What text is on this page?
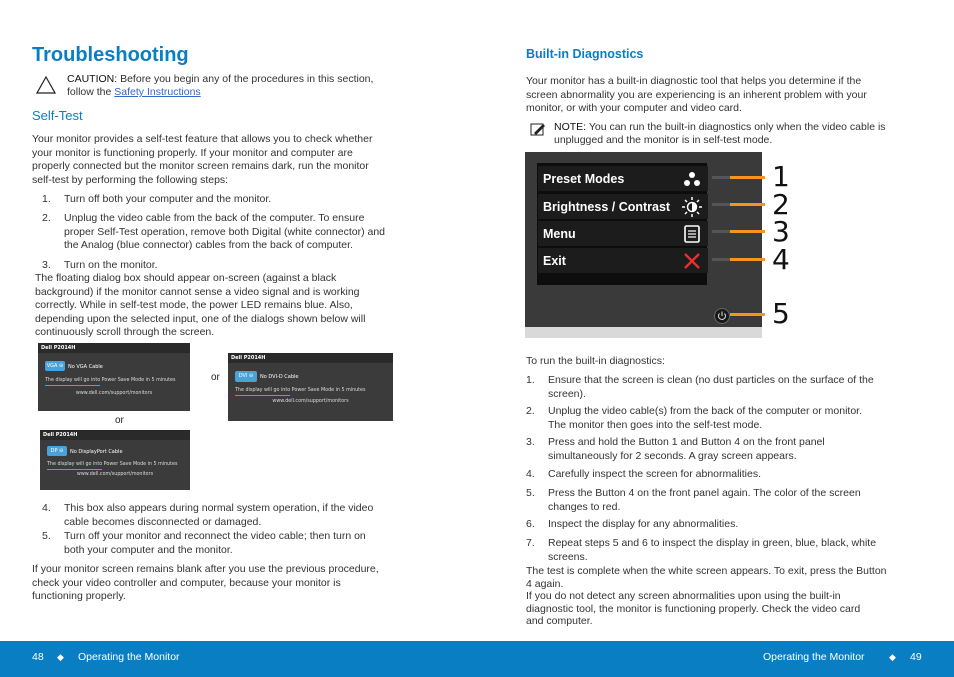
Troubleshooting
CAUTION: Before you begin any of the procedures in this section,
follow the Safety Instructions
Self-Test
Your monitor provides a self-test feature that allows you to check whether
your monitor is functioning properly. If your monitor and computer are
properly connected but the monitor screen remains dark, run the monitor
self-test by performing the following steps:
1. Turn off both your computer and the monitor.
2. Unplug the video cable from the back of the computer. To ensure
proper Self-Test operation, remove both Digital (white connector) and
the Analog (blue connector) cables from the back of computer.
3. Turn on the monitor.
The floating dialog box should appear on-screen (against a black
background) if the monitor cannot sense a video signal and is working
correctly. While in self-test mode, the power LED remains blue. Also,
depending upon the selected input, one of the dialogs shown below will
continuously scroll through the screen.
Dell P2014H
VGA ⊖ No VGA Cable
The display will go into Power Save Mode in 5 minutes
www.dell.com/support/monitors
or
Dell P2014H
DVI ⊖	No DVI-D Cable
The display will go into Power Save Mode in 5 minutes
www.dell.com/support/monitors
or
Dell P2014H
DP ⊖	No DisplayPort Cable
The display will go into Power Save Mode in 5 minutes
www.dell.com/support/monitors
4. This box also appears during normal system operation, if the video
cable becomes disconnected or damaged.
5. Turn off your monitor and reconnect the video cable; then turn on
both your computer and the monitor.
If your monitor screen remains blank after you use the previous procedure,
check your video controller and computer, because your monitor is
functioning properly.
Built-in Diagnostics
Your monitor has a built-in diagnostic tool that helps you determine if the
screen abnormality you are experiencing is an inherent problem with your
monitor, or with your computer and video card.
NOTE: You can run the built-in diagnostics only when the video cable is
unplugged and the monitor is in self-test mode.
Preset Modes
Brightness / Contrast
Menu
Exit
1
2
3
4
5
To run the built-in diagnostics:
1. Ensure that the screen is clean (no dust particles on the surface of the
screen).
2. Unplug the video cable(s) from the back of the computer or monitor.
The monitor then goes into the self-test mode.
3. Press and hold the Button 1 and Button 4 on the front panel
simultaneously for 2 seconds. A gray screen appears.
4. Carefully inspect the screen for abnormalities.
5. Press the Button 4 on the front panel again. The color of the screen
changes to red.
6. Inspect the display for any abnormalities.
7. Repeat steps 5 and 6 to inspect the display in green, blue, black, white
screens.
The test is complete when the white screen appears. To exit, press the Button
4 again.
If you do not detect any screen abnormalities upon using the built-in
diagnostic tool, the monitor is functioning properly. Check the video card
and computer.
48 ◆ Operating the Monitor	Operating the Monitor	◆ 49
